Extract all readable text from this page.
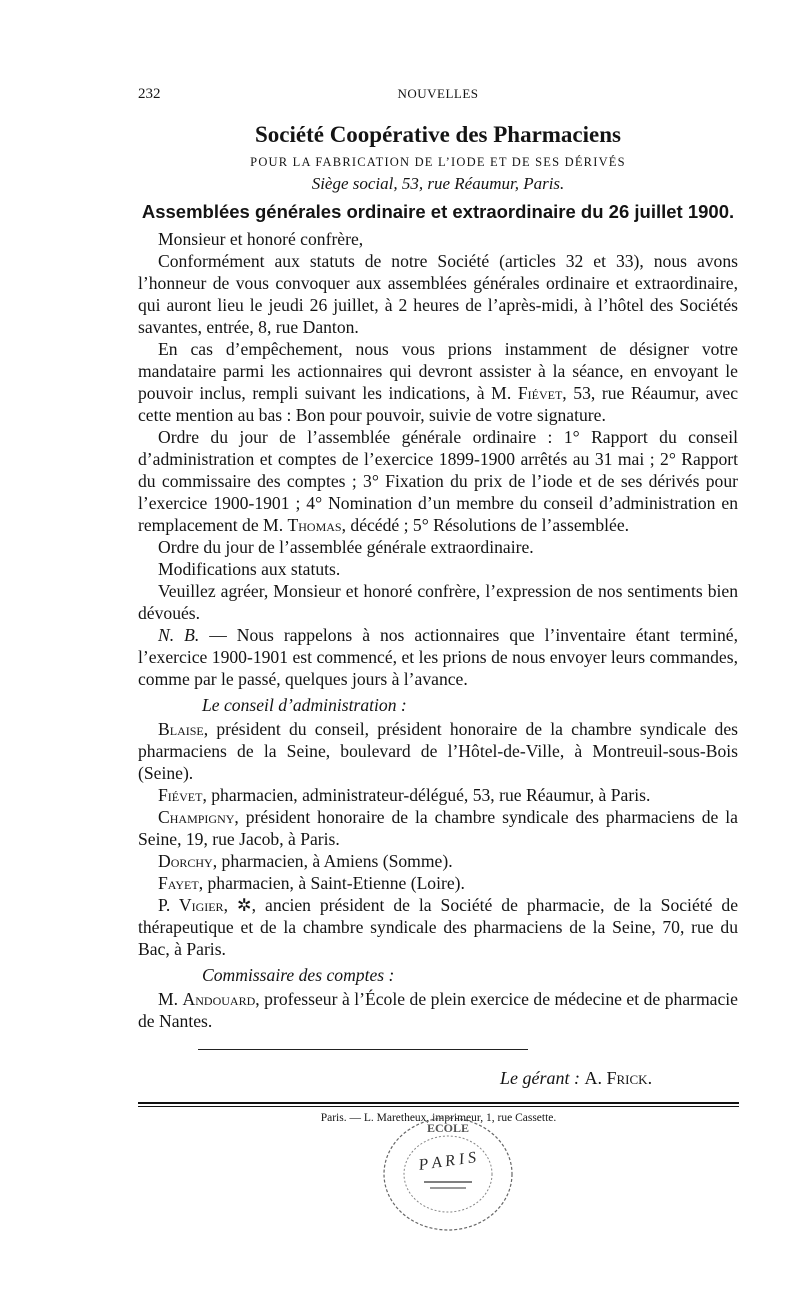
232	NOUVELLES
Société Coopérative des Pharmaciens

POUR LA FABRICATION DE L’IODE ET DE SES DÉRIVÉS

Siège social, 53, rue Réaumur, Paris.

Assemblées générales ordinaire et extraordinaire du 26 juillet 1900.

Monsieur et honoré confrère,

Conformément aux statuts de notre Société (articles 32 et 33), nous avons l’honneur de vous convoquer aux assemblées générales ordinaire et extraordinaire, qui auront lieu le jeudi 26 juillet, à 2 heures de l’après-midi, à l’hôtel des Sociétés savantes, entrée, 8, rue Danton.

En cas d’empêchement, nous vous prions instamment de désigner votre mandataire parmi les actionnaires qui devront assister à la séance, en envoyant le pouvoir inclus, rempli suivant les indications, à M. Fiévet, 53, rue Réaumur, avec cette mention au bas : Bon pour pouvoir, suivie de votre signature.

Ordre du jour de l’assemblée générale ordinaire : 1° Rapport du conseil d’administration et comptes de l’exercice 1899-1900 arrêtés au 31 mai ; 2° Rapport du commissaire des comptes ; 3° Fixation du prix de l’iode et de ses dérivés pour l’exercice 1900-1901 ; 4° Nomination d’un membre du conseil d’administration en remplacement de M. Thomas, décédé ; 5° Résolutions de l’assemblée.

Ordre du jour de l’assemblée générale extraordinaire.

Modifications aux statuts.

Veuillez agréer, Monsieur et honoré confrère, l’expression de nos sentiments bien dévoués.

N. B. — Nous rappelons à nos actionnaires que l’inventaire étant terminé, l’exercice 1900-1901 est commencé, et les prions de nous envoyer leurs commandes, comme par le passé, quelques jours à l’avance.

Le conseil d’administration :

Blaise, président du conseil, président honoraire de la chambre syndicale des pharmaciens de la Seine, boulevard de l’Hôtel-de-Ville, à Montreuil-sous-Bois (Seine).

Fiévet, pharmacien, administrateur-délégué, 53, rue Réaumur, à Paris.

Champigny, président honoraire de la chambre syndicale des pharmaciens de la Seine, 19, rue Jacob, à Paris.

Dorchy, pharmacien, à Amiens (Somme).

Fayet, pharmacien, à Saint-Etienne (Loire).

P. Vigier, ✲, ancien président de la Société de pharmacie, de la Société de thérapeutique et de la chambre syndicale des pharmaciens de la Seine, 70, rue du Bac, à Paris.

Commissaire des comptes :

M. Andouard, professeur à l’École de plein exercice de médecine et de pharmacie de Nantes.

Le gérant : A. Frick.
Paris. — L. Maretheux, imprimeur, 1, rue Cassette.
P A R I S
ECOLE
